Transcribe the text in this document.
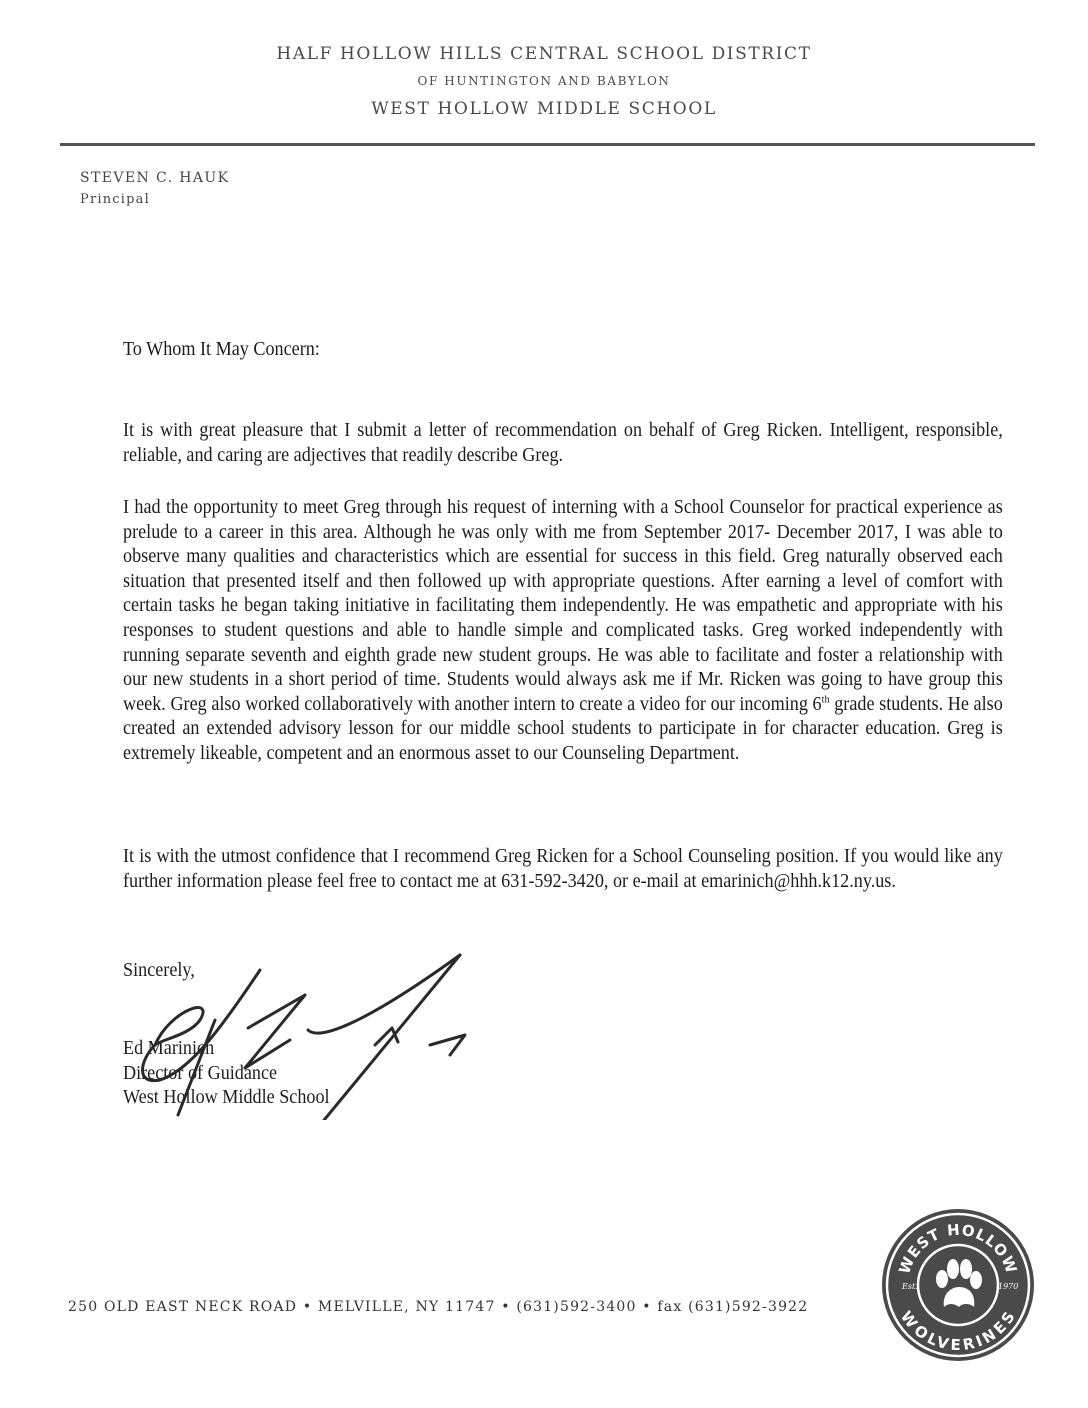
HALF HOLLOW HILLS CENTRAL SCHOOL DISTRICT
OF HUNTINGTON AND BABYLON
WEST HOLLOW MIDDLE SCHOOL
STEVEN C. HAUK
Principal
To Whom It May Concern:
It is with great pleasure that I submit a letter of recommendation on behalf of Greg Ricken. Intelligent, responsible, reliable, and caring are adjectives that readily describe Greg.
I had the opportunity to meet Greg through his request of interning with a School Counselor for practical experience as prelude to a career in this area. Although he was only with me from September 2017- December 2017, I was able to observe many qualities and characteristics which are essential for success in this field. Greg naturally observed each situation that presented itself and then followed up with appropriate questions. After earning a level of comfort with certain tasks he began taking initiative in facilitating them independently. He was empathetic and appropriate with his responses to student questions and able to handle simple and complicated tasks. Greg worked independently with running separate seventh and eighth grade new student groups. He was able to facilitate and foster a relationship with our new students in a short period of time. Students would always ask me if Mr. Ricken was going to have group this week. Greg also worked collaboratively with another intern to create a video for our incoming 6th grade students. He also created an extended advisory lesson for our middle school students to participate in for character education. Greg is extremely likeable, competent and an enormous asset to our Counseling Department.
It is with the utmost confidence that I recommend Greg Ricken for a School Counseling position. If you would like any further information please feel free to contact me at 631-592-3420, or e-mail at emarinich@hhh.k12.ny.us.
Sincerely,
Ed Marinich
Director of Guidance
West Hollow Middle School
250 OLD EAST NECK ROAD • MELVILLE, NY 11747 • (631)592-3400 • fax (631)592-3922
WEST HOLLOW
WOLVERINES
Est.	1970
